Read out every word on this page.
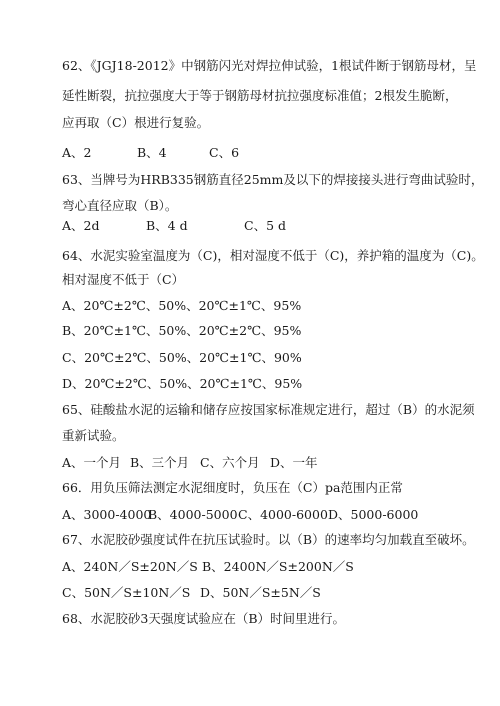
62、《JGJ18-2012》中钢筋闪光对焊拉伸试验，1根试件断于钢筋母材，呈
延性断裂，抗拉强度大于等于钢筋母材抗拉强度标准值；2根发生脆断，
应再取（C）根进行复验。
A、2	B、4	C、6
63、当牌号为HRB335钢筋直径25mm及以下的焊接接头进行弯曲试验时，
弯心直径应取（B）。
A、2d	B、4 d	C、5 d
64、水泥实验室温度为（C)，相对湿度不低于（C)，养护箱的温度为（C)。
相对湿度不低于（C）
A、20℃±2℃、50%、20℃±1℃、95%
B、20℃±1℃、50%、20℃±2℃、95%
C、20℃±2℃、50%、20℃±1℃、90%
D、20℃±2℃、50%、20℃±1℃、95%
65、硅酸盐水泥的运输和储存应按国家标准规定进行，超过（B）的水泥须
重新试验。
A、一个月 B、三个月 C、六个月 D、一年
66．用负压筛法测定水泥细度时，负压在（C）pa范围内正常
A、3000-4000B、4000-5000C、4000-6000D、5000-6000
67、水泥胶砂强度试件在抗压试验时。以（B）的速率均匀加载直至破坏。
A、240N／S±20N／S B、2400N／S±200N／S
C、50N／S±10N／S D、50N／S±5N／S
68、水泥胶砂3天强度试验应在（B）时间里进行。
